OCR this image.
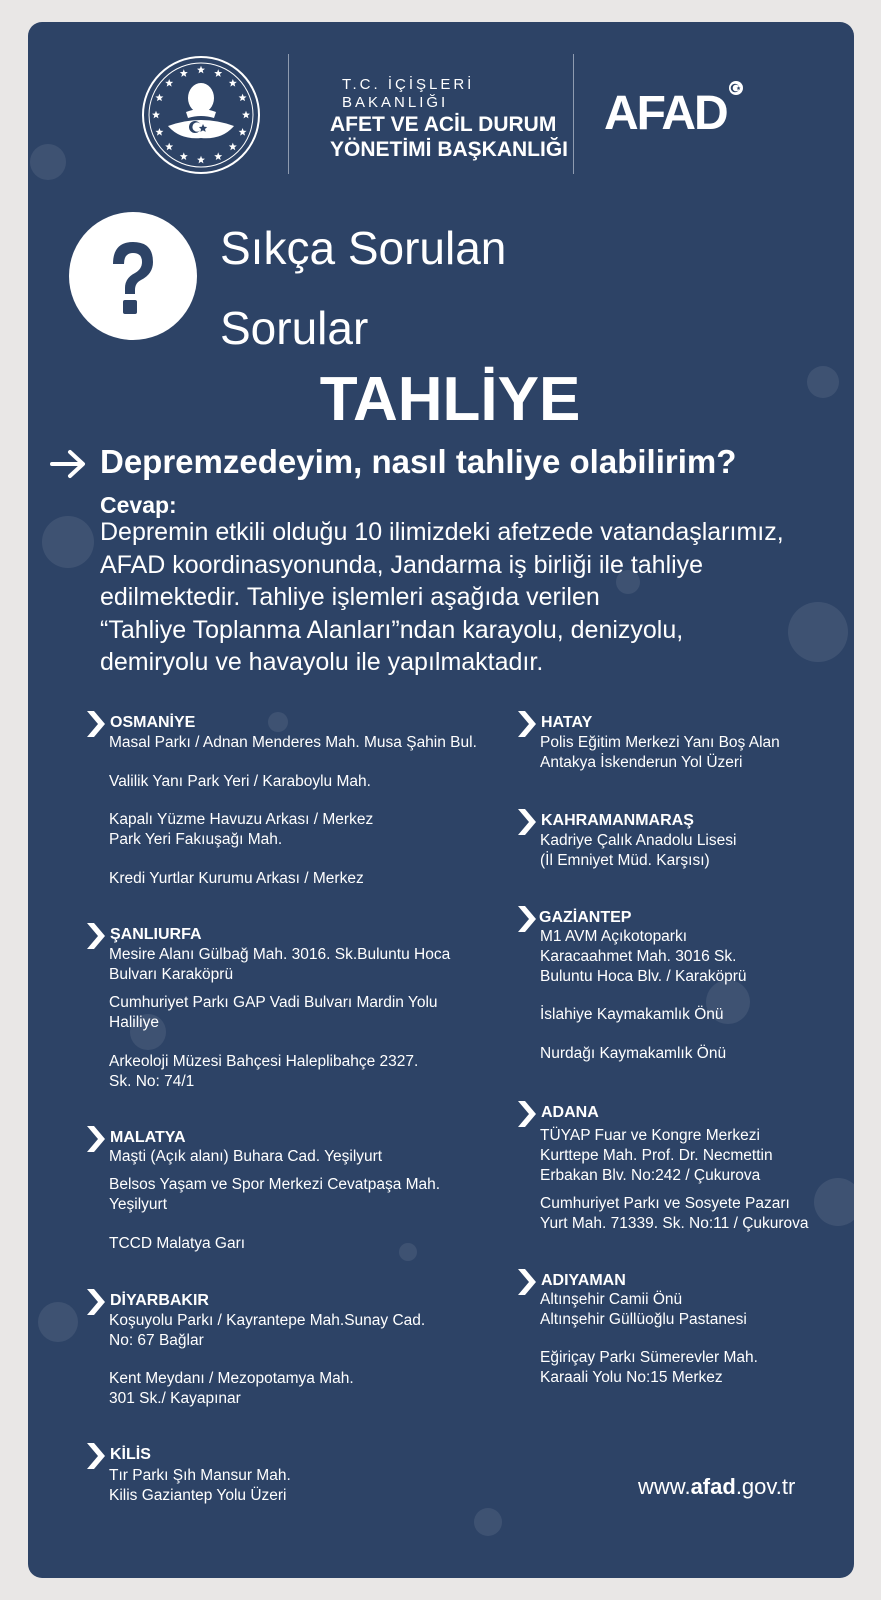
T.C. İÇİŞLERİ BAKANLIĞI
AFET VE ACİL DURUM
YÖNETİMİ BAŞKANLIĞI
AFAD
Sıkça Sorulan
Sorular
TAHLİYE
Depremzedeyim, nasıl tahliye olabilirim?
Cevap:
Depremin etkili olduğu 10 ilimizdeki afetzede vatandaşlarımız,
AFAD koordinasyonunda, Jandarma iş birliği ile tahliye
edilmektedir. Tahliye işlemleri aşağıda verilen
“Tahliye Toplanma Alanları”ndan karayolu, denizyolu,
demiryolu ve havayolu ile yapılmaktadır.
OSMANİYE
Masal Parkı / Adnan Menderes Mah. Musa Şahin Bul.
Valilik Yanı Park Yeri / Karaboylu Mah.
Kapalı Yüzme Havuzu Arkası / Merkez
Park Yeri Fakıuşağı Mah.
Kredi Yurtlar Kurumu Arkası / Merkez
ŞANLIURFA
Mesire Alanı Gülbağ Mah. 3016. Sk.Buluntu Hoca
Bulvarı Karaköprü
Cumhuriyet Parkı GAP Vadi Bulvarı Mardin Yolu
Haliliye
Arkeoloji Müzesi Bahçesi Haleplibahçe 2327.
Sk. No: 74/1
MALATYA
Maşti (Açık alanı) Buhara Cad. Yeşilyurt
Belsos Yaşam ve Spor Merkezi Cevatpaşa Mah.
Yeşilyurt
TCCD Malatya Garı
DİYARBAKIR
Koşuyolu Parkı / Kayrantepe Mah.Sunay Cad.
No: 67 Bağlar
Kent Meydanı / Mezopotamya Mah.
301 Sk./ Kayapınar
KİLİS
Tır Parkı Şıh Mansur Mah.
Kilis Gaziantep Yolu Üzeri
HATAY
Polis Eğitim Merkezi Yanı Boş Alan
Antakya İskenderun Yol Üzeri
KAHRAMANMARAŞ
Kadriye Çalık Anadolu Lisesi
(İl Emniyet Müd. Karşısı)
GAZİANTEP
M1 AVM Açıkotoparkı
Karacaahmet Mah. 3016 Sk.
Buluntu Hoca Blv. / Karaköprü
İslahiye Kaymakamlık Önü
Nurdağı Kaymakamlık Önü
ADANA
TÜYAP Fuar ve Kongre Merkezi
Kurttepe Mah. Prof. Dr. Necmettin
Erbakan Blv. No:242 / Çukurova
Cumhuriyet Parkı ve Sosyete Pazarı
Yurt Mah. 71339. Sk. No:11 / Çukurova
ADIYAMAN
Altınşehir Camii Önü
Altınşehir Güllüoğlu Pastanesi
Eğiriçay Parkı Sümerevler Mah.
Karaali Yolu No:15 Merkez
www.afad.gov.tr
